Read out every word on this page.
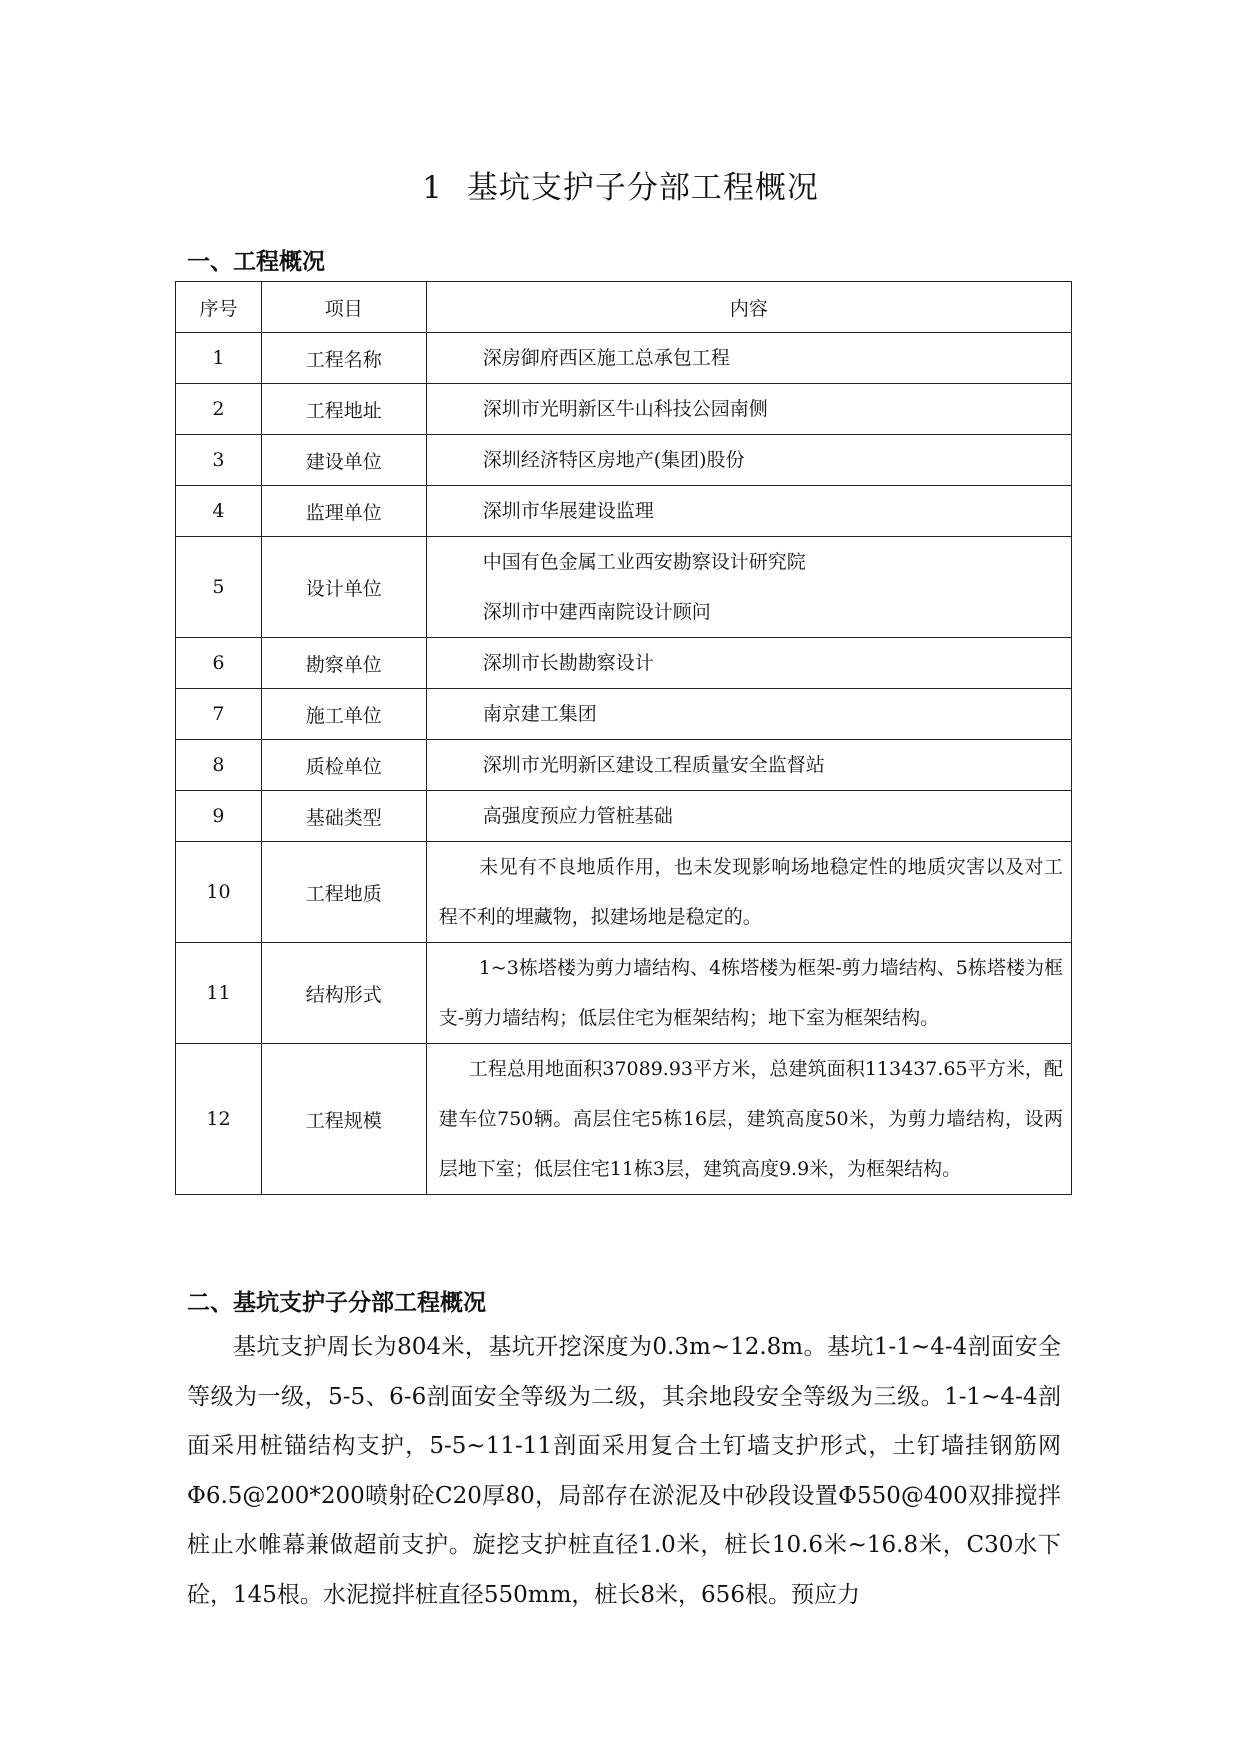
1 基坑支护子分部工程概况
一、工程概况
序号	项目	内容
1	工程名称	深房御府西区施工总承包工程
2	工程地址	深圳市光明新区牛山科技公园南侧
3	建设单位	深圳经济特区房地产(集团)股份
4	监理单位	深圳市华展建设监理
5	设计单位	中国有色金属工业西安勘察设计研究院
深圳市中建西南院设计顾问

6	勘察单位	深圳市长勘勘察设计
7	施工单位	南京建工集团
8	质检单位	深圳市光明新区建设工程质量安全监督站
9	基础类型	高强度预应力管桩基础
10	工程地质	未见有不良地质作用，也未发现影响场地稳定性的地质灾害以及对工程不利的埋藏物，拟建场地是稳定的。
11	结构形式	1~3栋塔楼为剪力墙结构、4栋塔楼为框架-剪力墙结构、5栋塔楼为框支-剪力墙结构；低层住宅为框架结构；地下室为框架结构。
12	工程规模	工程总用地面积37089.93平方米，总建筑面积113437.65平方米，配建车位750辆。高层住宅5栋16层，建筑高度50米，为剪力墙结构，设两层地下室；低层住宅11栋3层，建筑高度9.9米，为框架结构。
二、基坑支护子分部工程概况

基坑支护周长为804米，基坑开挖深度为0.3m~12.8m。基坑1-1~4-4剖面安全等级为一级，5-5、6-6剖面安全等级为二级，其余地段安全等级为三级。1-1~4-4剖面采用桩锚结构支护，5-5~11-11剖面采用复合土钉墙支护形式，土钉墙挂钢筋网Φ6.5@200*200喷射砼C20厚80，局部存在淤泥及中砂段设置Φ550@400双排搅拌桩止水帷幕兼做超前支护。旋挖支护桩直径1.0米，桩长10.6米~16.8米，C30水下砼，145根。水泥搅拌桩直径550mm，桩长8米，656根。预应力
